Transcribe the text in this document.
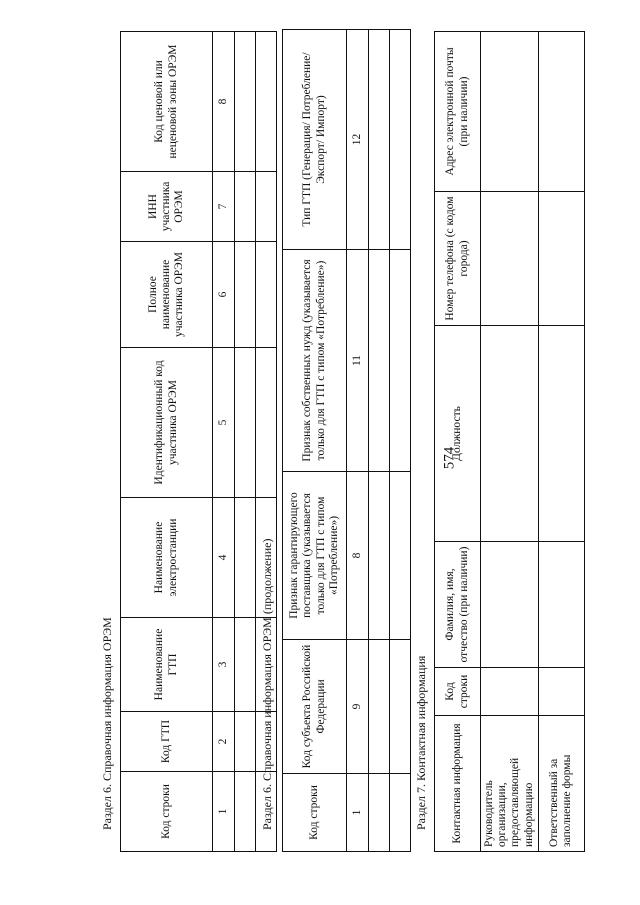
574
Раздел 6. Справочная информация ОРЭМ	Код строки	Код ГТП	Наименование ГТП	Наименование электростанции	Идентификационный код участника ОРЭМ	Полное наименование участника ОРЭМ	ИНН участника ОРЭМ	Код ценовой или неценовой зоны ОРЭМ
1	2	3	4	5	6	7	8

Раздел 6. Справочная информация ОРЭМ (продолжение)	Код строки	Код субъекта Российской Федерации	Признак гарантирующего поставщика (указывается только для ГТП с типом «Потребление»)	Признак собственных нужд (указывается только для ГТП с типом «Потребление»)	Тип ГТП (Генерация/ Потребление/Экспорт/ Импорт)
1	9	8	11	12

Раздел 7. Контактная информация Контактная информация	Код строки	Фамилия, имя, отчество (при наличии)	Должность	Номер телефона (с кодом города)	Адрес электронной почты (при наличии)
Руководитель организации, предоставляющей информацию					
Ответственный за заполнение формы					
